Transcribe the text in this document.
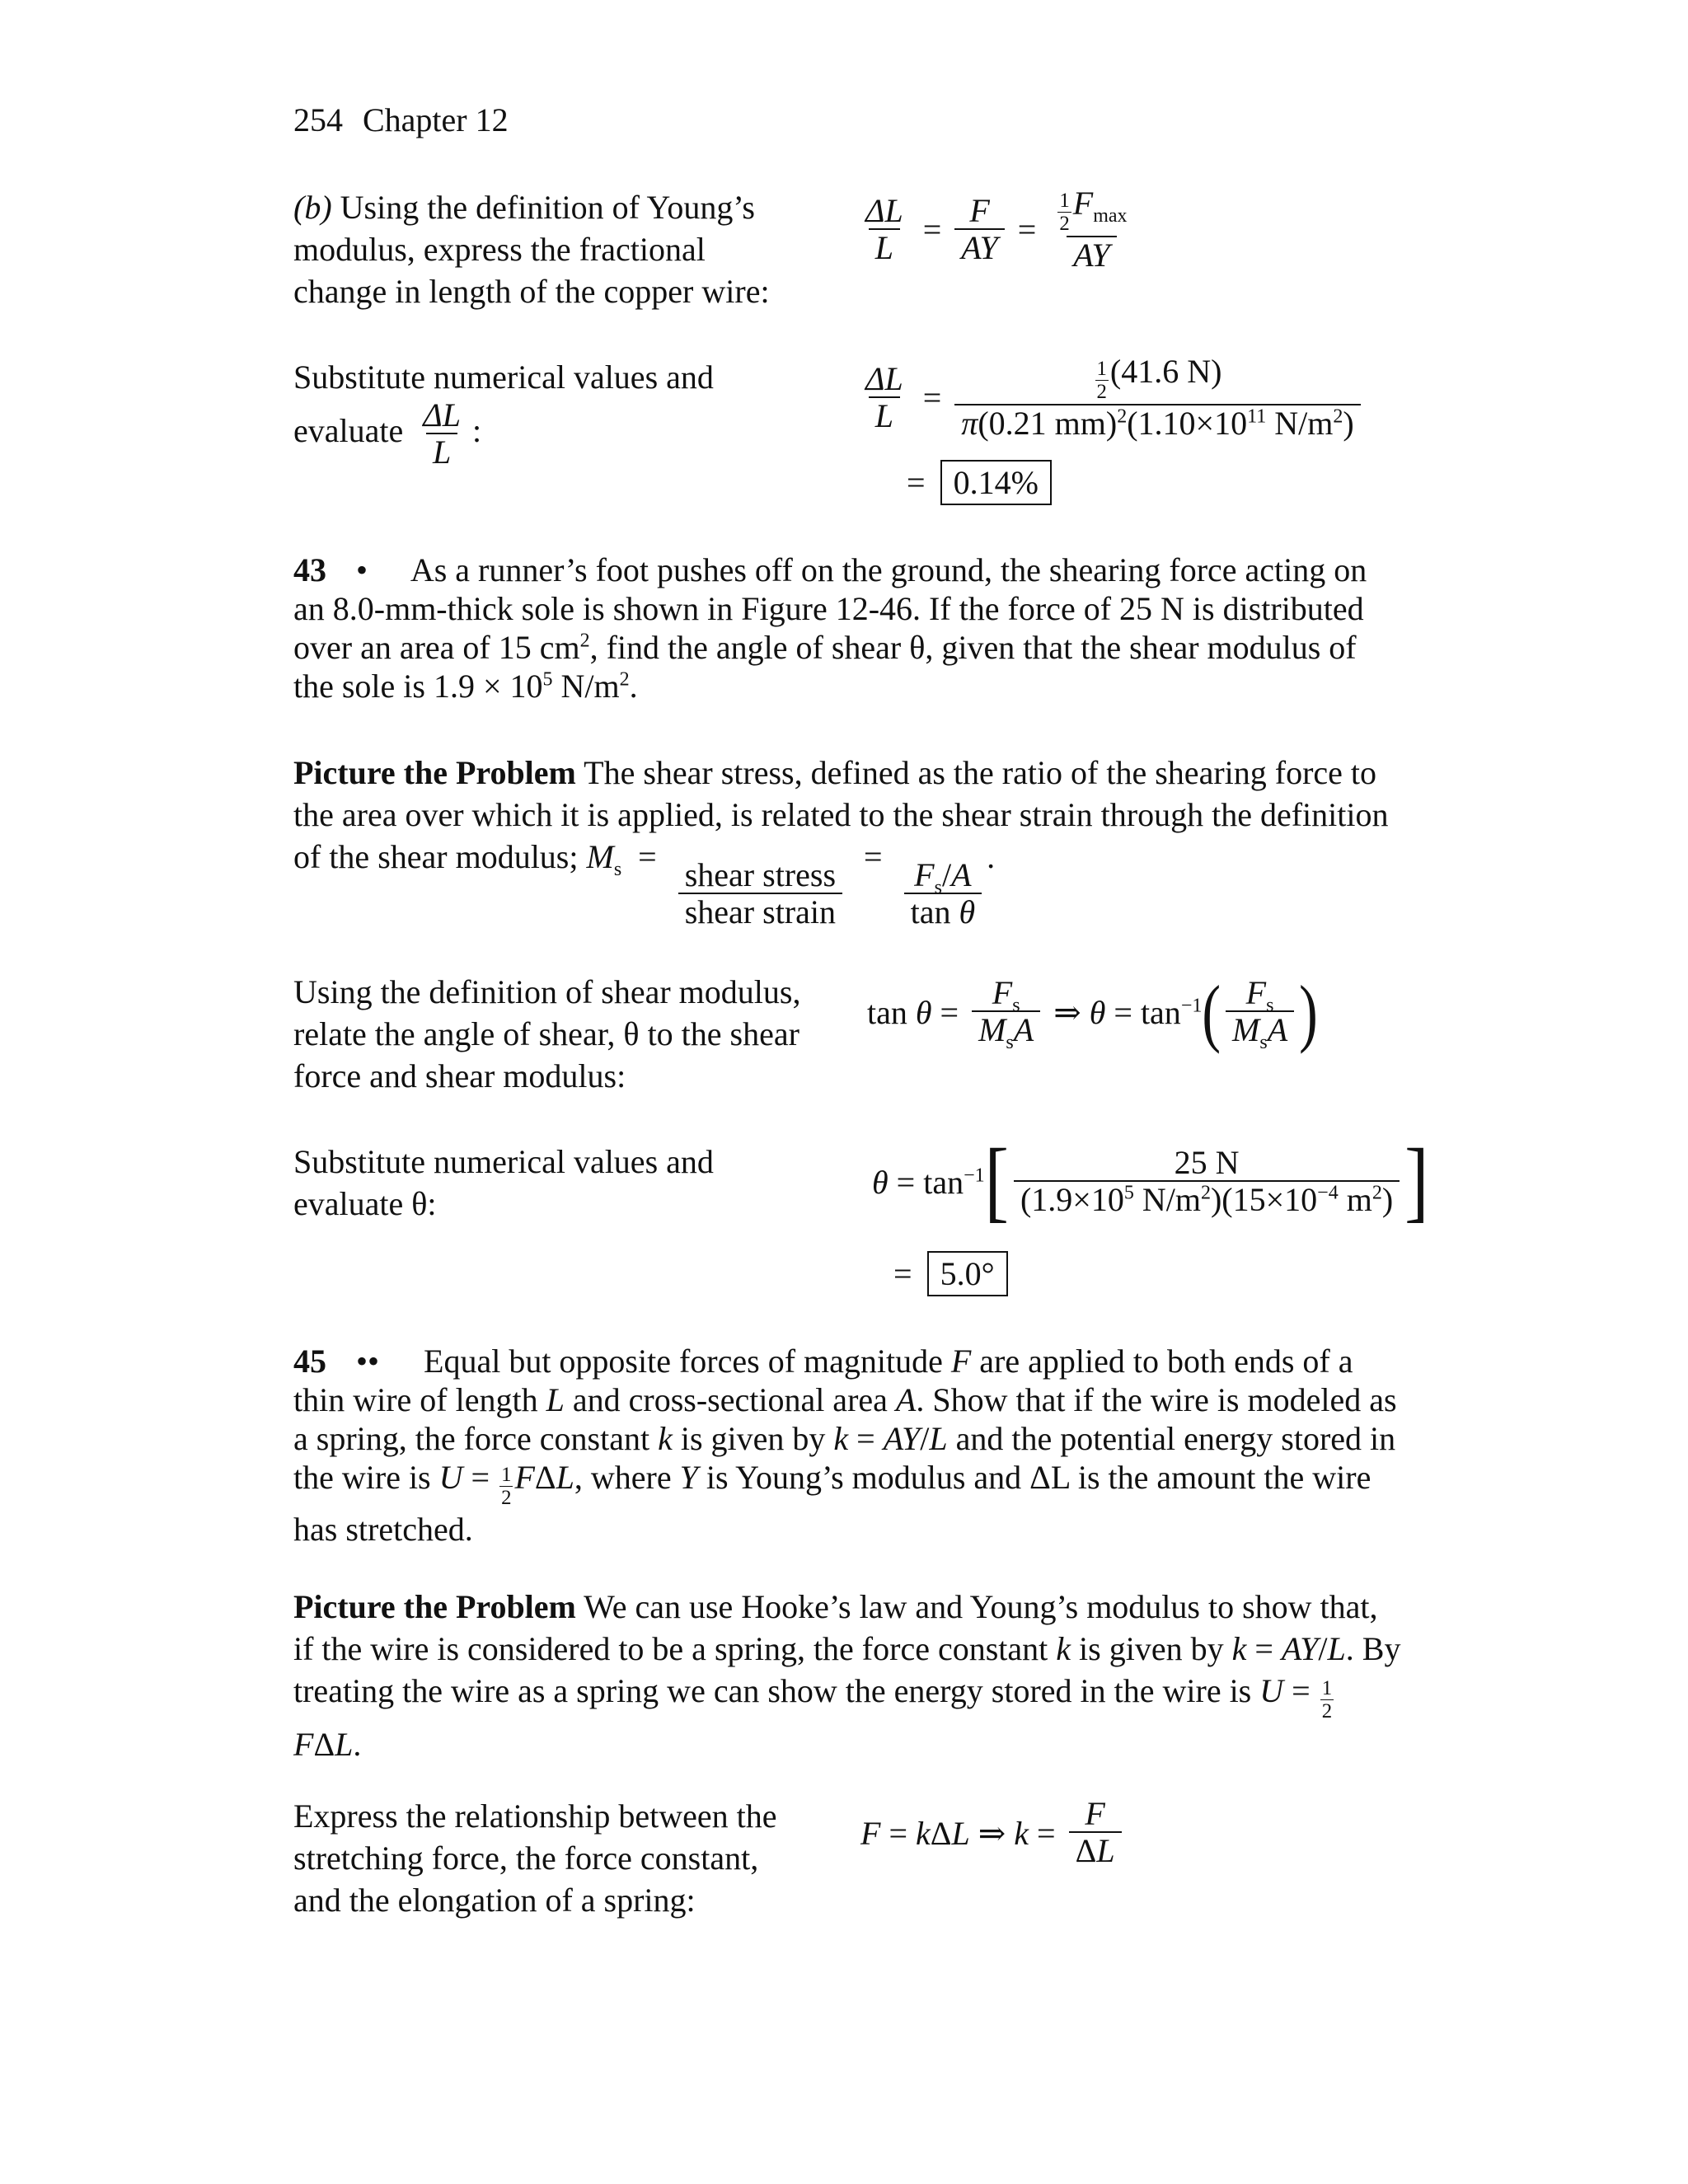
254 Chapter 12
(b) Using the definition of Young’s modulus, express the fractional change in length of the copper wire:
$\frac{\Delta L}{L} = \frac{F}{AY} = \frac{\frac{1}{2} F_{max}}{AY}$
Substitute numerical values and evaluate $\frac{\Delta L}{L}$ :	$\frac{\Delta L}{L} = \frac{\frac{1}{2} (41.6 N)}{\pi(0.21 mm)^2(1.10\times 10^{11} N/m^2)}$
= 0.14%
43 • As a runner’s foot pushes off on the ground, the shearing force acting on an 8.0-mm-thick sole is shown in Figure 12-46. If the force of 25 N is distributed over an area of 15 $cm^2$, find the angle of shear θ, given that the shear modulus of the sole is $1.9 \times 10^5$ $N/m^2$.
Picture the Problem The shear stress, defined as the ratio of the shearing force to the area over which it is applied, is related to the shear strain through the definition of the shear modulus; $M_s$ =
$\frac{\text{shear stress}}{\text{shear strain}}$
=
$\frac{F_s/A}{\text{tan θ}}$
.
Using the definition of shear modulus, relate the angle of shear, θ to the shear force and shear modulus:
$\tan \theta = \frac{F_s}{M_sA}$ ⇒ $\theta = \tan^{-1}$ ( $\frac{F_s}{M_sA}$ )
Substitute numerical values and evaluate θ:
$\theta = \tan^{-1}$ [ $\frac{25 N}{(1.9\times 10^5 N/m^2)(15\times 10^{-4} m^2)}$ ]
= 5.0°
45 •• Equal but opposite forces of magnitude F are applied to both ends of a thin wire of length L and cross-sectional area A. Show that if the wire is modeled as a spring, the force constant k is given by k = AY/L and the potential energy stored in the wire is $U = \frac{1}{2} F\Delta L$, where Y is Young’s modulus and ΔL is the amount the wire has stretched.
Picture the Problem We can use Hooke’s law and Young’s modulus to show that, if the wire is considered to be a spring, the force constant k is given by k = AY/L. By treating the wire as a spring we can show the energy stored in the wire is $U = \frac{1}{2}$
FΔL.
Express the relationship between the stretching force, the force constant, and the elongation of a spring:
F = kΔL ⇒ $k = \frac{F}{\Delta L}$
